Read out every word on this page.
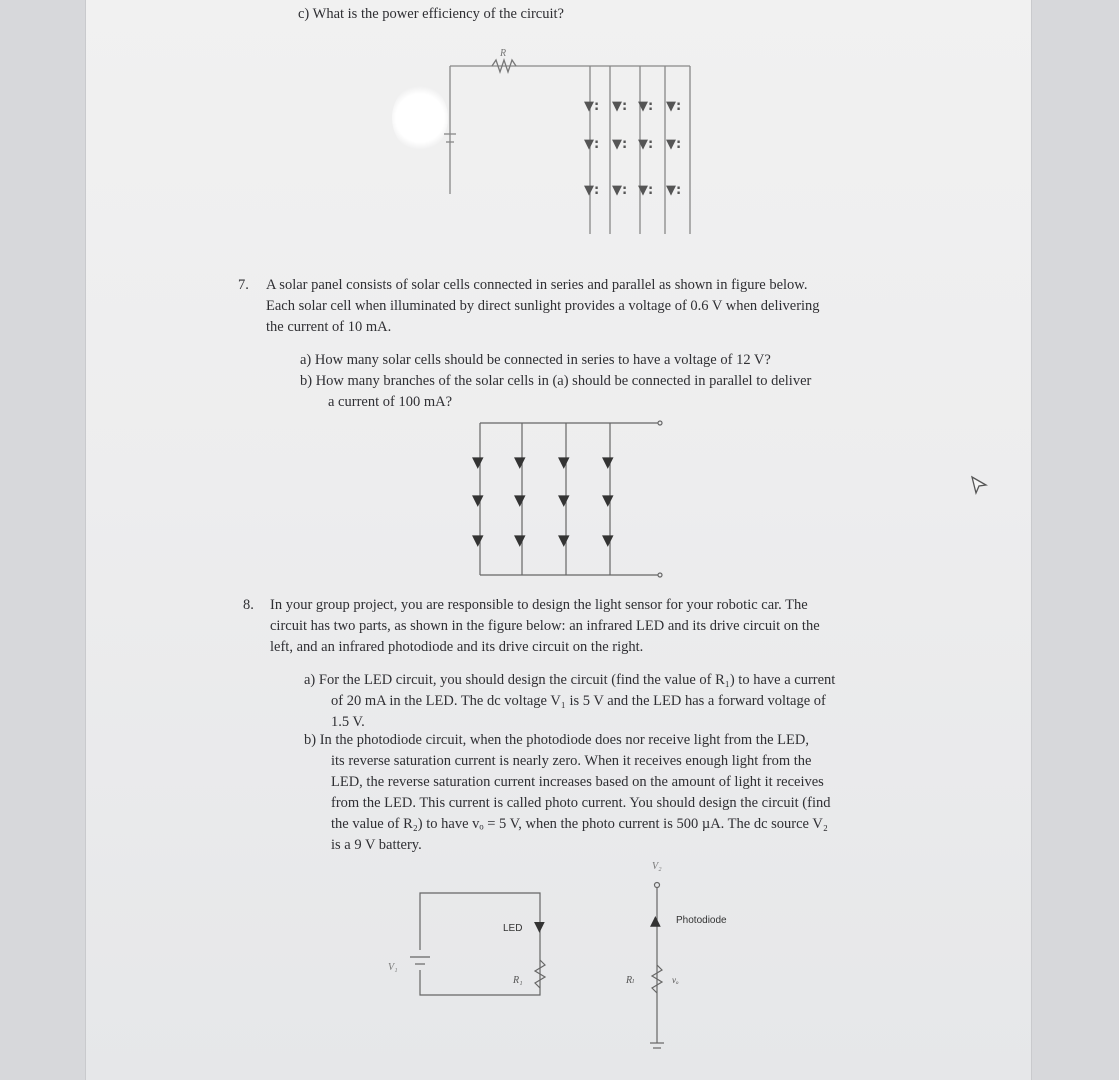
c) What is the power efficiency of the circuit?
R
▼: ▼: ▼: ▼:
▼: ▼: ▼: ▼:
▼: ▼: ▼: ▼:
7. A solar panel consists of solar cells connected in series and parallel as shown in figure below.
Each solar cell when illuminated by direct sunlight provides a voltage of 0.6 V when delivering
the current of 10 mA.
a) How many solar cells should be connected in series to have a voltage of 12 V?
b) How many branches of the solar cells in (a) should be connected in parallel to deliver
a current of 100 mA?
▼ ▼ ▼ ▼
▼ ▼ ▼ ▼
▼ ▼ ▼ ▼
8. In your group project, you are responsible to design the light sensor for your robotic car. The
circuit has two parts, as shown in the figure below: an infrared LED and its drive circuit on the
left, and an infrared photodiode and its drive circuit on the right.
a) For the LED circuit, you should design the circuit (find the value of R₁) to have a current
of 20 mA in the LED. The dc voltage V₁ is 5 V and the LED has a forward voltage of
1.5 V.
b) In the photodiode circuit, when the photodiode does nor receive light from the LED,
its reverse saturation current is nearly zero. When it receives enough light from the
LED, the reverse saturation current increases based on the amount of light it receives
from the LED. This current is called photo current. You should design the circuit (find
the value of R₂) to have vₒ = 5 V, when the photo current is 500 µA. The dc source V₂
is a 9 V battery.
V₁
LED ▼
R₁
V₂
▲ Photodiode
Rₗ	vₒ
